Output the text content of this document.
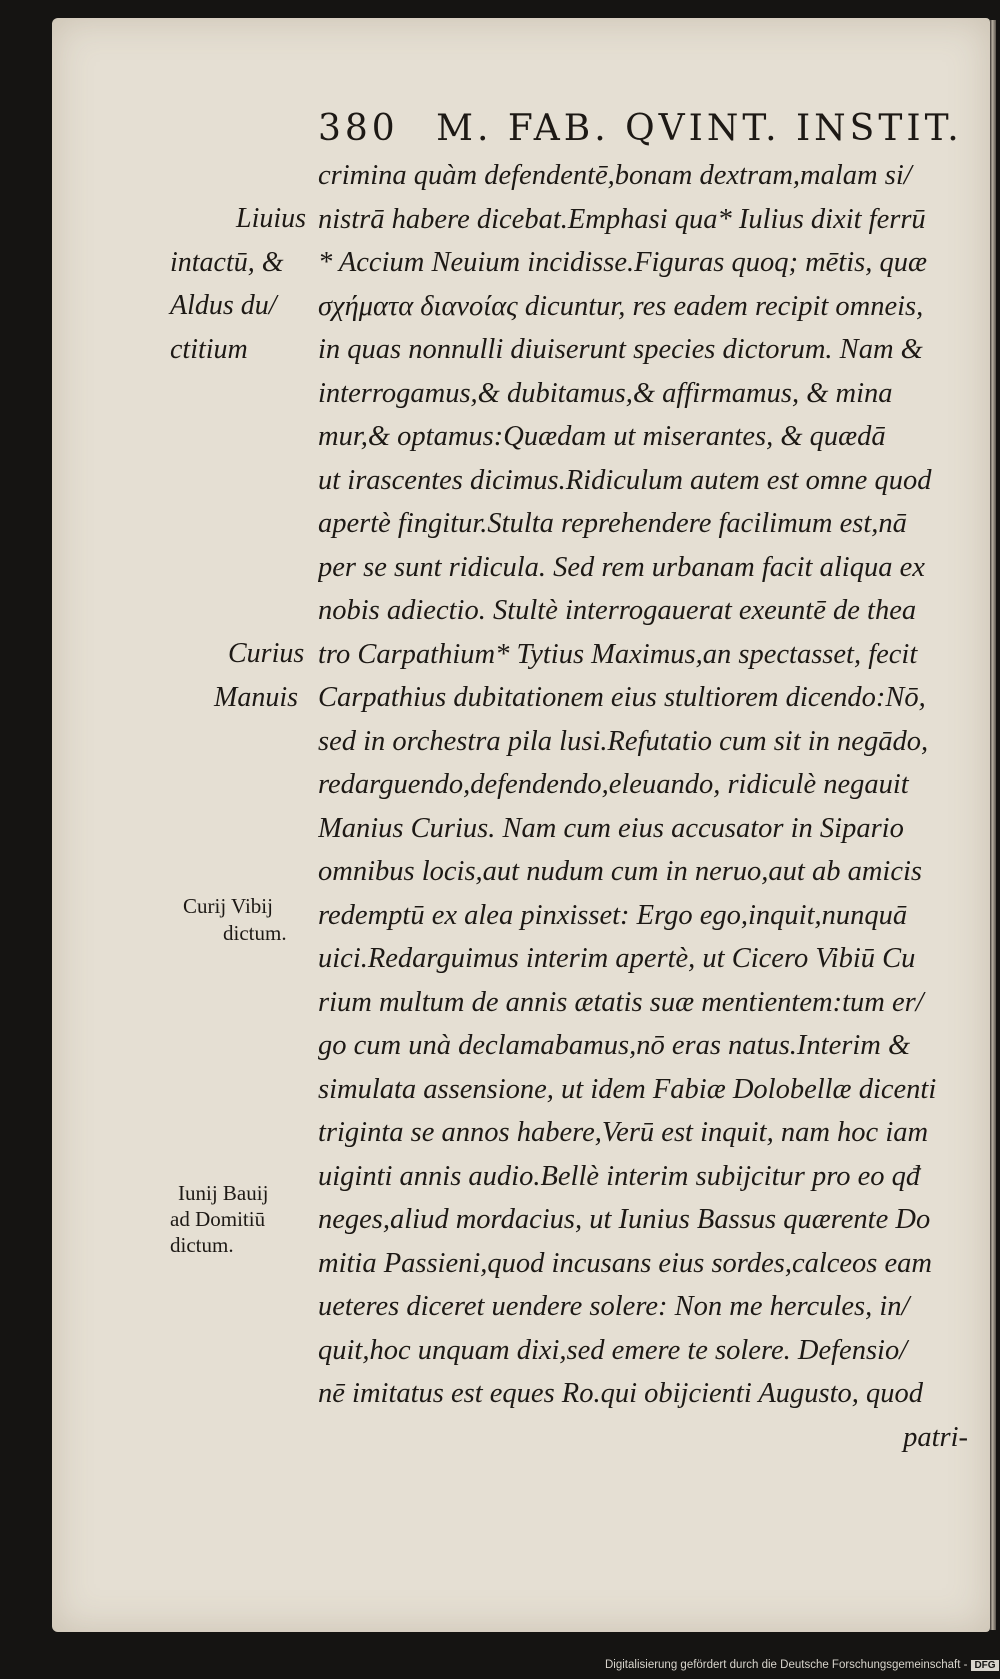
380 M. FAB. QVINT. INSTIT.
crimina quàm defendentē,bonam dextram,malam si/
nistrā habere dicebat.Emphasi qua* Iulius dixit ferrū
* Accium Neuium incidisse.Figuras quoq; mētis, quæ
σχήματα διανοίας dicuntur, res eadem recipit omneis,
in quas nonnulli diuiserunt species dictorum. Nam &
interrogamus,& dubitamus,& affirmamus, & mina
mur,& optamus:Quædam ut miserantes, & quædā
ut irascentes dicimus.Ridiculum autem est omne quod
apertè fingitur.Stulta reprehendere facilimum est,nā
per se sunt ridicula. Sed rem urbanam facit aliqua ex
nobis adiectio. Stultè interrogauerat exeuntē de thea
tro Carpathium* Tytius Maximus,an spectasset, fecit
Carpathius dubitationem eius stultiorem dicendo:Nō,
sed in orchestra pila lusi.Refutatio cum sit in negādo,
redarguendo,defendendo,eleuando, ridiculè negauit
Manius Curius. Nam cum eius accusator in Sipario
omnibus locis,aut nudum cum in neruo,aut ab amicis
redemptū ex alea pinxisset: Ergo ego,inquit,nunquā
uici.Redarguimus interim apertè, ut Cicero Vibiū Cu
rium multum de annis ætatis suæ mentientem:tum er/
go cum unà declamabamus,nō eras natus.Interim &
simulata assensione, ut idem Fabiæ Dolobellæ dicenti
triginta se annos habere,Verū est inquit, nam hoc iam
uiginti annis audio.Bellè interim subijcitur pro eo qđ
neges,aliud mordacius, ut Iunius Bassus quærente Do
mitia Passieni,quod incusans eius sordes,calceos eam
ueteres diceret uendere solere: Non me hercules, in/
quit,hoc unquam dixi,sed emere te solere. Defensio/
nē imitatus est eques Ro.qui obijcienti Augusto, quod
patri-
Liuius
intactū, &
Aldus du/
ctitium
Curius
Manuis
Curij Vibij
dictum.
Iunij Bauij
ad Domitiū
dictum.
Digitalisierung gefördert durch die Deutsche Forschungsgemeinschaft - DFG
